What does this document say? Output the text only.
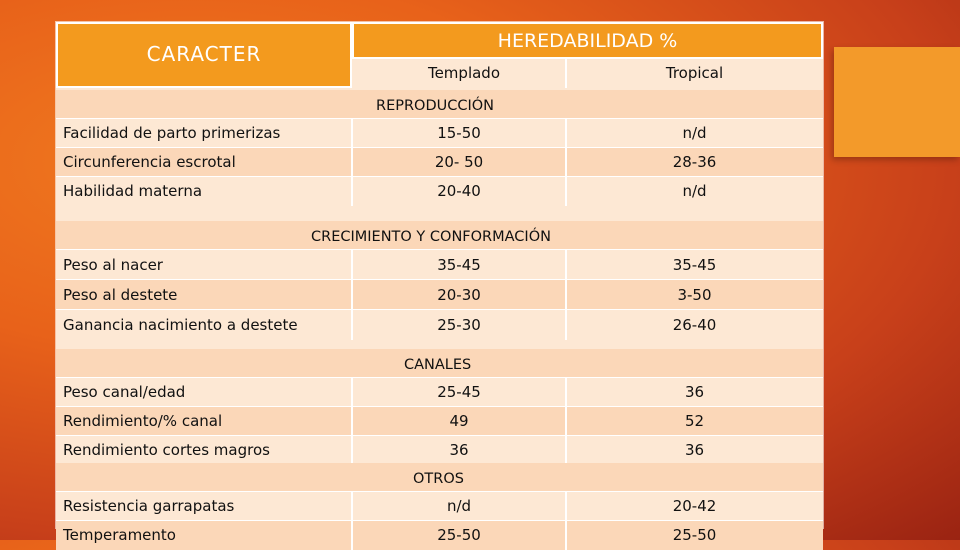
CARACTER
HEREDABILIDAD %
Templado	Tropical
REPRODUCCIÓN
Facilidad de parto primerizas	15-50	n/d
Circunferencia escrotal	20- 50	28-36
Habilidad materna	20-40	n/d
CRECIMIENTO Y CONFORMACIÓN
Peso al nacer	35-45	35-45
Peso al destete	20-30	3-50
Ganancia nacimiento a destete	25-30	26-40
CANALES
Peso canal/edad	25-45	36
Rendimiento/% canal	49	52
Rendimiento cortes magros	36	36
OTROS
Resistencia garrapatas	n/d	20-42
Temperamento	25-50	25-50
